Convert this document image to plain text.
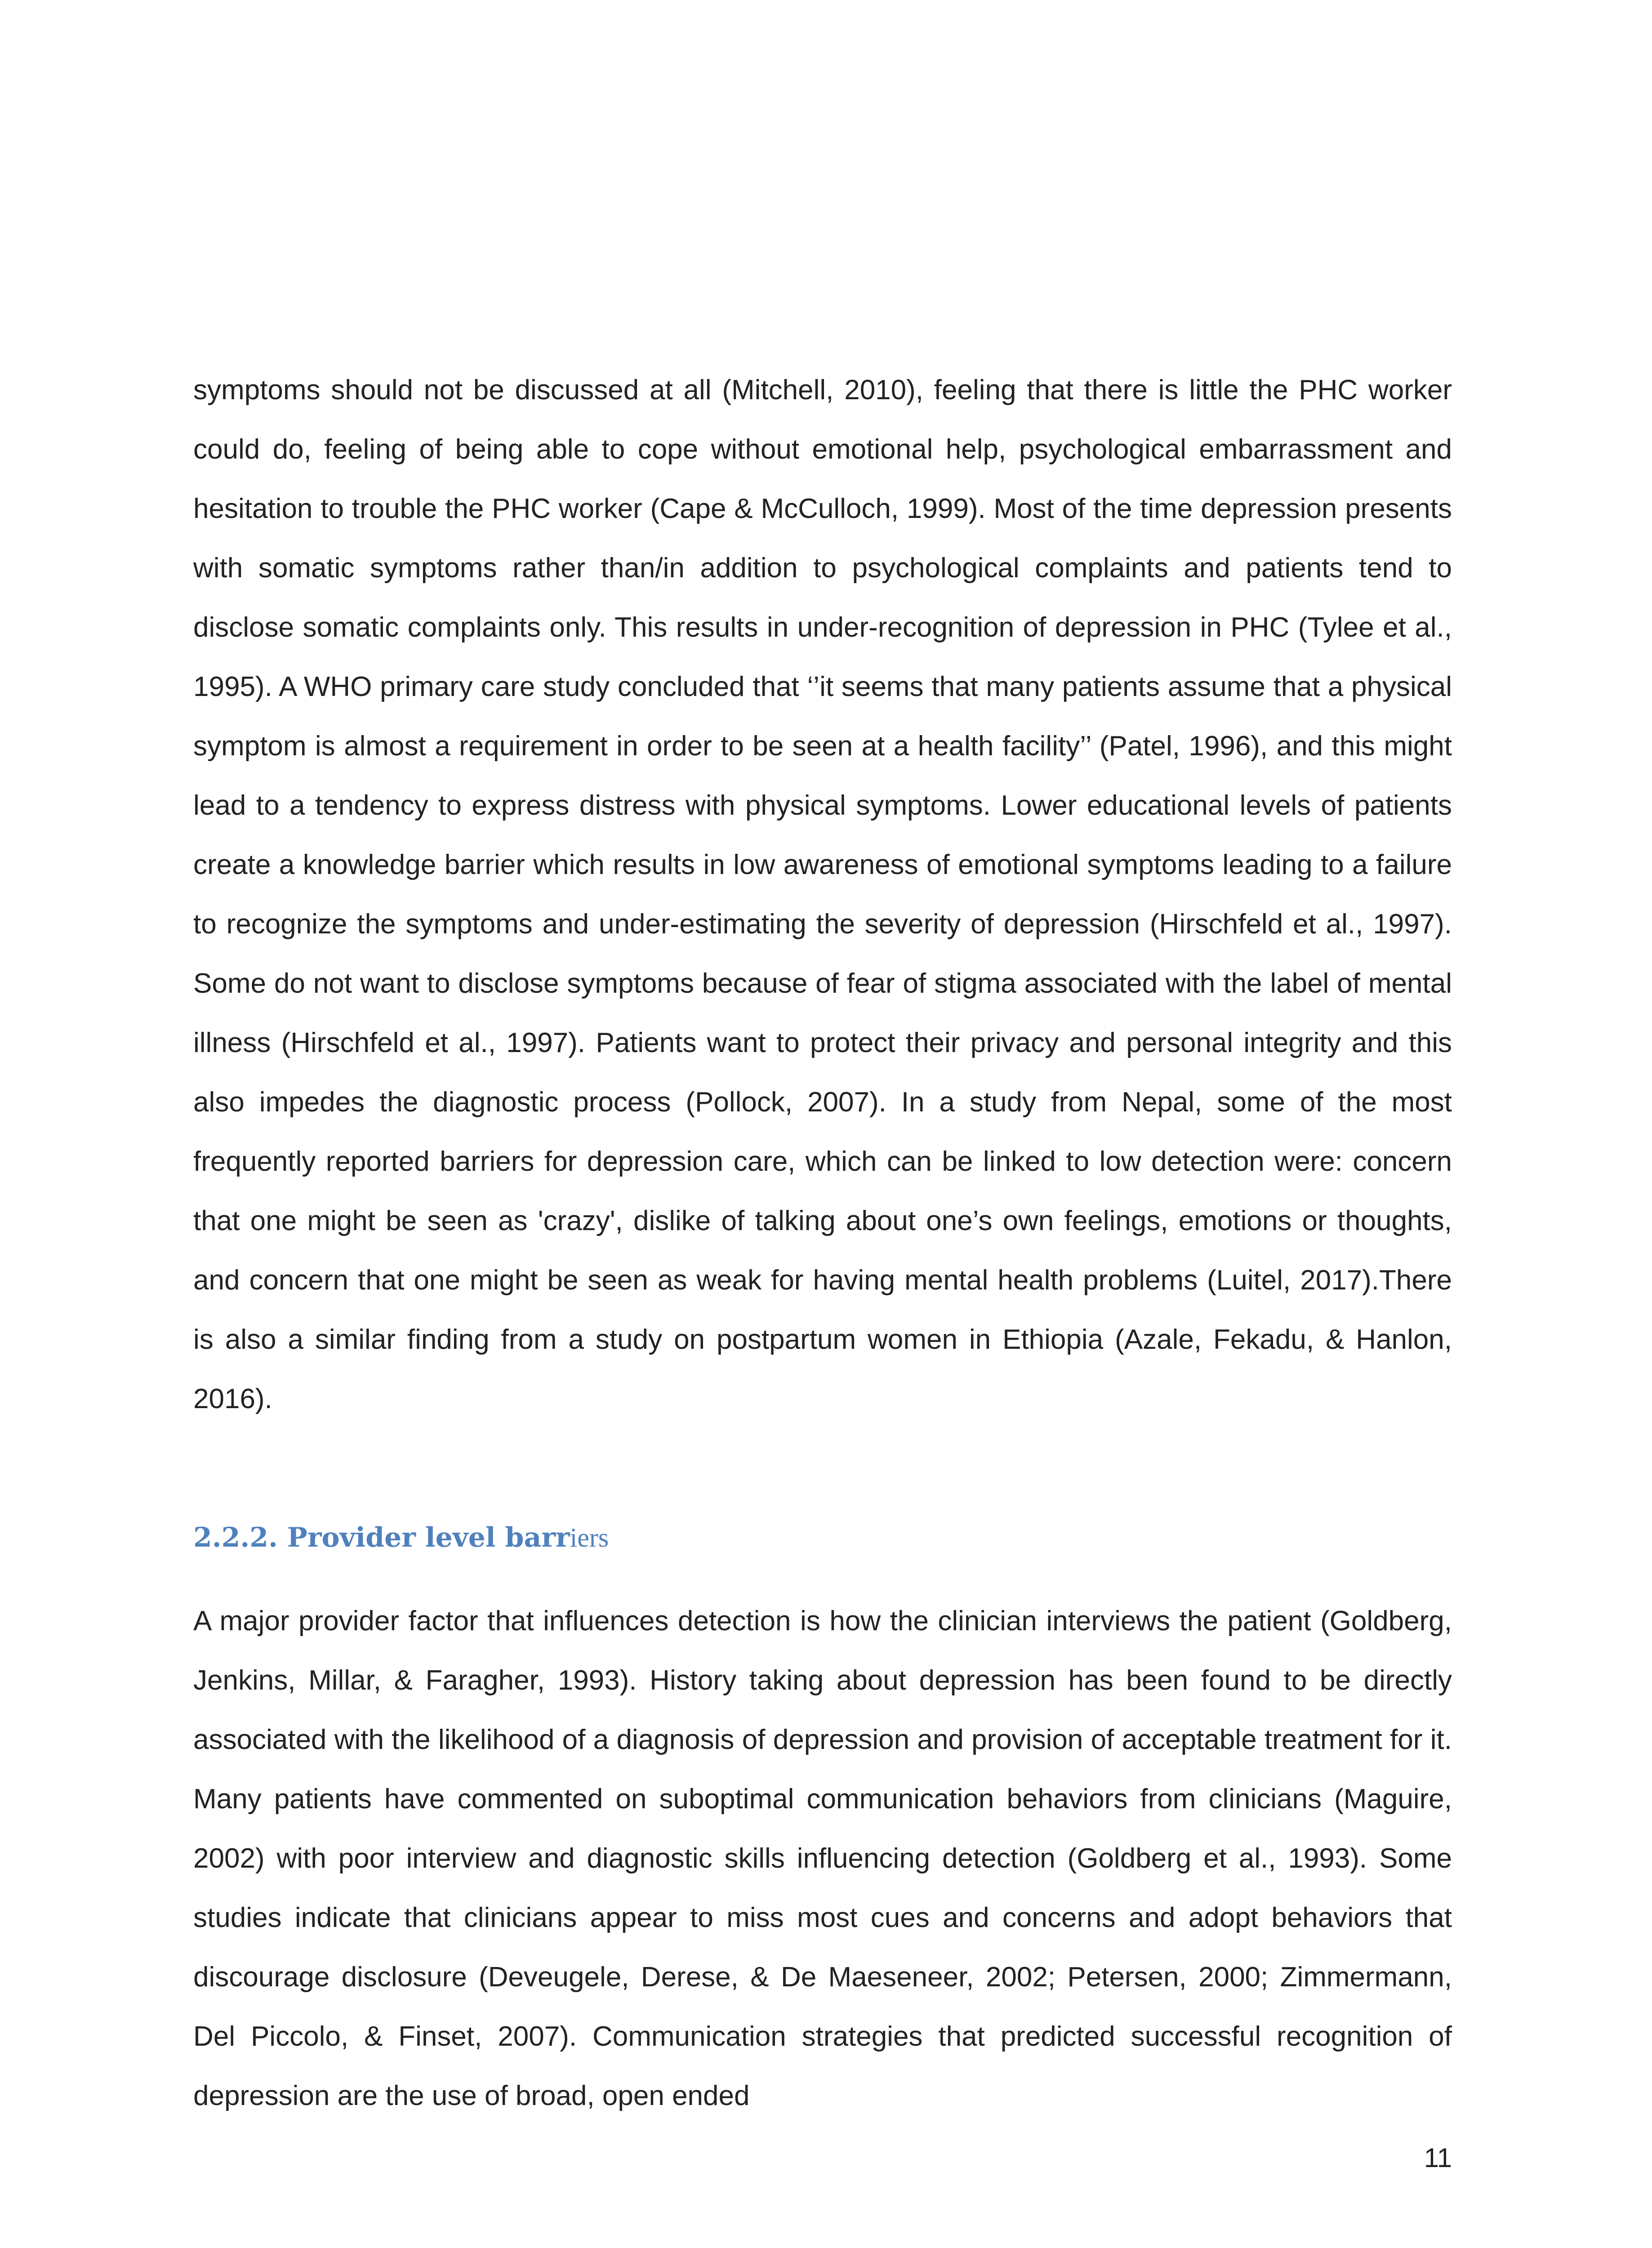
symptoms should not be discussed at all (Mitchell, 2010), feeling that there is little the PHC worker could do, feeling of being able to cope without emotional help, psychological embarrassment and hesitation to trouble the PHC worker (Cape & McCulloch, 1999). Most of the time depression presents with somatic symptoms rather than/in addition to psychological complaints and patients tend to disclose somatic complaints only. This results in under-recognition of depression in PHC (Tylee et al., 1995). A WHO primary care study concluded that ‘’it seems that many patients assume that a physical symptom is almost a requirement in order to be seen at a health facility’’ (Patel, 1996), and this might lead to a tendency to express distress with physical symptoms. Lower educational levels of patients create a knowledge barrier which results in low awareness of emotional symptoms leading to a failure to recognize the symptoms and under-estimating the severity of depression (Hirschfeld et al., 1997). Some do not want to disclose symptoms because of fear of stigma associated with the label of mental illness (Hirschfeld et al., 1997). Patients want to protect their privacy and personal integrity and this also impedes the diagnostic process (Pollock, 2007). In a study from Nepal, some of the most frequently reported barriers for depression care, which can be linked to low detection were: concern that one might be seen as 'crazy', dislike of talking about one’s own feelings, emotions or thoughts, and concern that one might be seen as weak for having mental health problems (Luitel, 2017).There is also a similar finding from a study on postpartum women in Ethiopia (Azale, Fekadu, & Hanlon, 2016).
2.2.2. Provider level barriers
A major provider factor that influences detection is how the clinician interviews the patient (Goldberg, Jenkins, Millar, & Faragher, 1993). History taking about depression has been found to be directly associated with the likelihood of a diagnosis of depression and provision of acceptable treatment for it. Many patients have commented on suboptimal communication behaviors from clinicians (Maguire, 2002) with poor interview and diagnostic skills influencing detection (Goldberg et al., 1993). Some studies indicate that clinicians appear to miss most cues and concerns and adopt behaviors that discourage disclosure (Deveugele, Derese, & De Maeseneer, 2002; Petersen, 2000; Zimmermann, Del Piccolo, & Finset, 2007). Communication strategies that predicted successful recognition of depression are the use of broad, open ended
11
